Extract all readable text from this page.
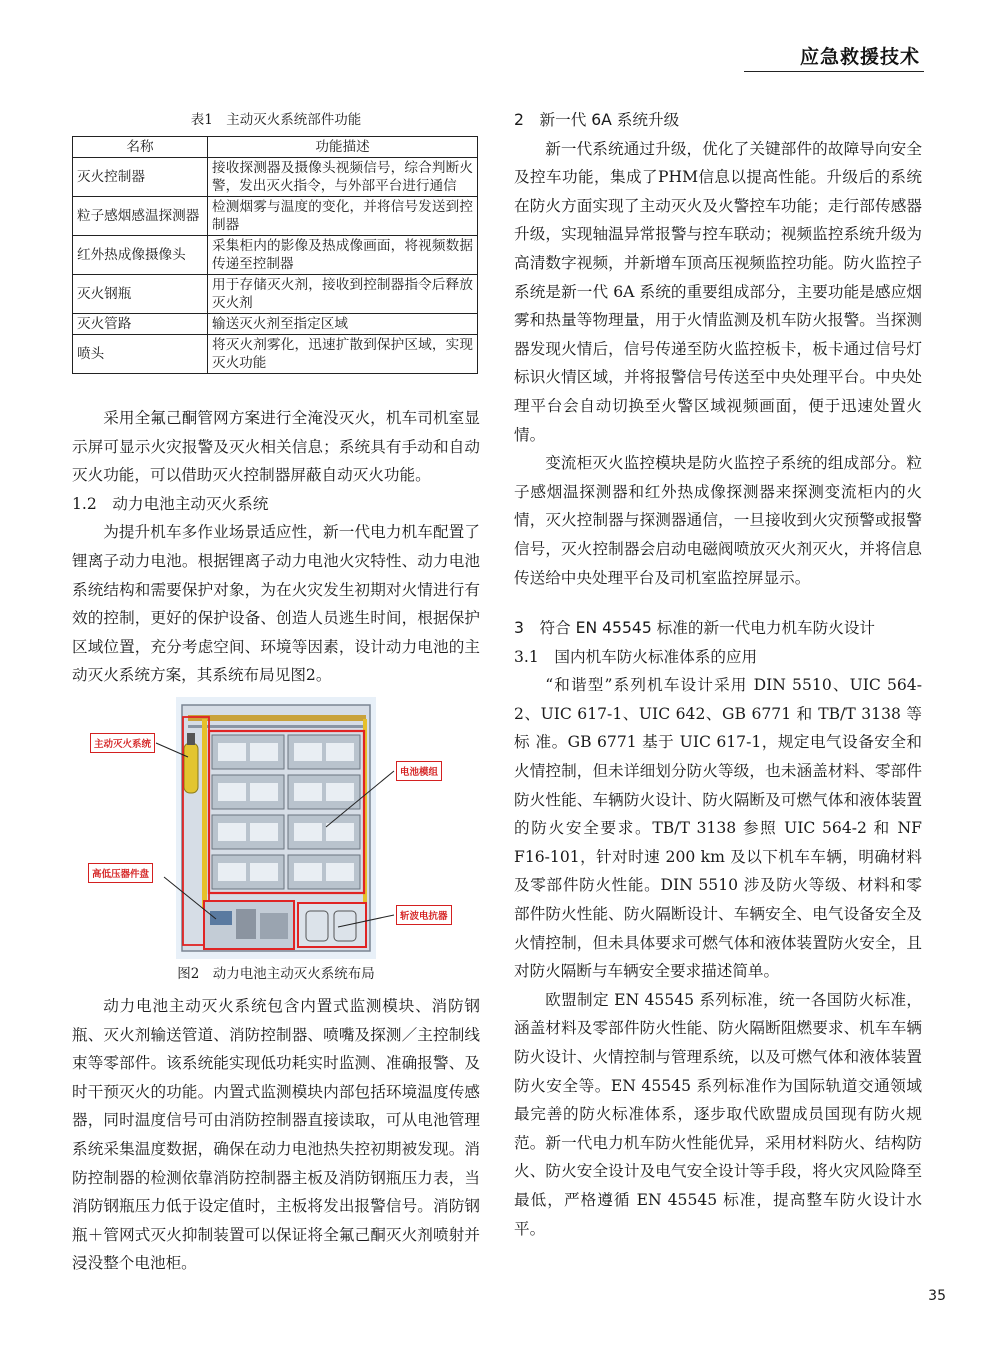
应急救援技术
表1　主动灭火系统部件功能
名称	功能描述
灭火控制器	接收探测器及摄像头视频信号，综合判断火警，发出灭火指令，与外部平台进行通信
粒子感烟感温探测器	检测烟雾与温度的变化，并将信号发送到控制器
红外热成像摄像头	采集柜内的影像及热成像画面，将视频数据传递至控制器
灭火钢瓶	用于存储灭火剂，接收到控制器指令后释放灭火剂
灭火管路	输送灭火剂至指定区域
喷头	将灭火剂雾化，迅速扩散到保护区域，实现灭火功能

采用全氟己酮管网方案进行全淹没灭火，机车司机室显示屏可显示火灾报警及灭火相关信息；系统具有手动和自动灭火功能，可以借助灭火控制器屏蔽自动灭火功能。

1.2　动力电池主动灭火系统

为提升机车多作业场景适应性，新一代电力机车配置了锂离子动力电池。根据锂离子动力电池火灾特性、动力电池系统结构和需要保护对象，为在火灾发生初期对火情进行有效的控制，更好的保护设备、创造人员逃生时间，根据保护区域位置，充分考虑空间、环境等因素，设计动力电池的主动灭火系统方案，其系统布局见图2。

主动灭火系统
电池模组
高低压器件盘
斩波电抗器
图2　动力电池主动灭火系统布局

动力电池主动灭火系统包含内置式监测模块、消防钢瓶、灭火剂输送管道、消防控制器、喷嘴及探测／主控制线束等零部件。该系统能实现低功耗实时监测、准确报警、及时干预灭火的功能。内置式监测模块内部包括环境温度传感器，同时温度信号可由消防控制器直接读取，可从电池管理系统采集温度数据，确保在动力电池热失控初期被发现。消防控制器的检测依靠消防控制器主板及消防钢瓶压力表，当消防钢瓶压力低于设定值时，主板将发出报警信号。消防钢瓶＋管网式灭火抑制装置可以保证将全氟己酮灭火剂喷射并浸没整个电池柜。

2　新一代 6A 系统升级

新一代系统通过升级，优化了关键部件的故障导向安全及控车功能，集成了PHM信息以提高性能。升级后的系统在防火方面实现了主动灭火及火警控车功能；走行部传感器升级，实现轴温异常报警与控车联动；视频监控系统升级为高清数字视频，并新增车顶高压视频监控功能。防火监控子系统是新一代 6A 系统的重要组成部分，主要功能是感应烟雾和热量等物理量，用于火情监测及机车防火报警。当探测器发现火情后，信号传递至防火监控板卡，板卡通过信号灯标识火情区域，并将报警信号传送至中央处理平台。中央处理平台会自动切换至火警区域视频画面，便于迅速处置火情。

变流柜灭火监控模块是防火监控子系统的组成部分。粒子感烟温探测器和红外热成像探测器来探测变流柜内的火情，灭火控制器与探测器通信，一旦接收到火灾预警或报警信号，灭火控制器会启动电磁阀喷放灭火剂灭火，并将信息传送给中央处理平台及司机室监控屏显示。

3　符合 EN 45545 标准的新一代电力机车防火设计
3.1　国内机车防火标准体系的应用

“和谐型”系列机车设计采用 DIN 5510、UIC 564-2、UIC 617-1、UIC 642、GB 6771 和 TB/T 3138 等 标 准。GB 6771 基于 UIC 617-1，规定电气设备安全和火情控制，但未详细划分防火等级，也未涵盖材料、零部件防火性能、车辆防火设计、防火隔断及可燃气体和液体装置的防火安全要求。TB/T 3138 参照 UIC 564-2 和 NF F16-101，针对时速 200 km 及以下机车车辆，明确材料及零部件防火性能。DIN 5510 涉及防火等级、材料和零部件防火性能、防火隔断设计、车辆安全、电气设备安全及火情控制，但未具体要求可燃气体和液体装置防火安全，且对防火隔断与车辆安全要求描述简单。

欧盟制定 EN 45545 系列标准，统一各国防火标准，涵盖材料及零部件防火性能、防火隔断阻燃要求、机车车辆防火设计、火情控制与管理系统，以及可燃气体和液体装置防火安全等。EN 45545 系列标准作为国际轨道交通领域最完善的防火标准体系，逐步取代欧盟成员国现有防火规范。新一代电力机车防火性能优异，采用材料防火、结构防火、防火安全设计及电气安全设计等手段，将火灾风险降至最低，严格遵循 EN 45545 标准，提高整车防火设计水平。

35
